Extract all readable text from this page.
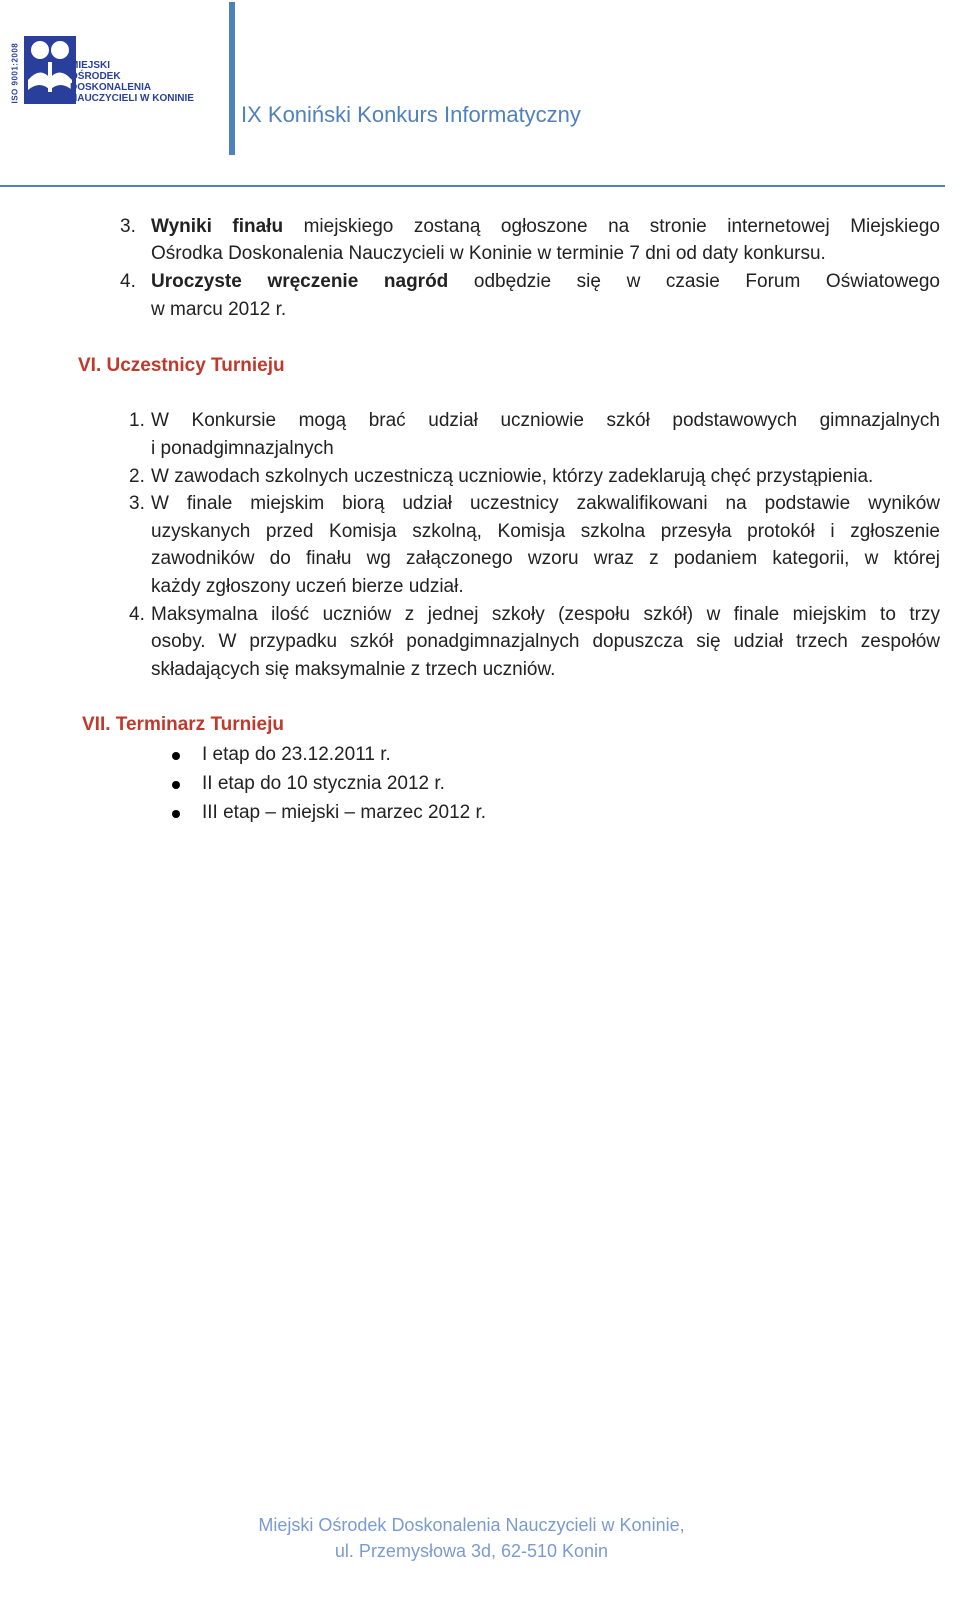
ISO 9001:2008	MIEJSKI
OŚRODEK
DOSKONALENIA
NAUCZYCIELI W KONINIE
IX Koniński Konkurs Informatyczny
3. Wyniki finału miejskiego zostaną ogłoszone na stronie internetowej Miejskiego
Ośrodka Doskonalenia Nauczycieli w Koninie w terminie 7 dni od daty konkursu.
4. Uroczyste wręczenie nagród odbędzie się w czasie Forum Oświatowego
w marcu 2012 r.
VI. Uczestnicy Turnieju
1. W Konkursie mogą brać udział uczniowie szkół podstawowych gimnazjalnych
i ponadgimnazjalnych
2. W zawodach szkolnych uczestniczą uczniowie, którzy zadeklarują chęć przystąpienia.
3. W finale miejskim biorą udział uczestnicy zakwalifikowani na podstawie wyników
uzyskanych przed Komisja szkolną, Komisja szkolna przesyła protokół i zgłoszenie
zawodników do finału wg załączonego wzoru wraz z podaniem kategorii, w której
każdy zgłoszony uczeń bierze udział.
4. Maksymalna ilość uczniów z jednej szkoły (zespołu szkół) w finale miejskim to trzy
osoby. W przypadku szkół ponadgimnazjalnych dopuszcza się udział trzech zespołów
składających się maksymalnie z trzech uczniów.
VII. Terminarz Turnieju
I etap do 23.12.2011 r.
II etap do 10 stycznia 2012 r.
III etap – miejski – marzec 2012 r.
Miejski Ośrodek Doskonalenia Nauczycieli w Koninie,
ul. Przemysłowa 3d, 62-510 Konin
